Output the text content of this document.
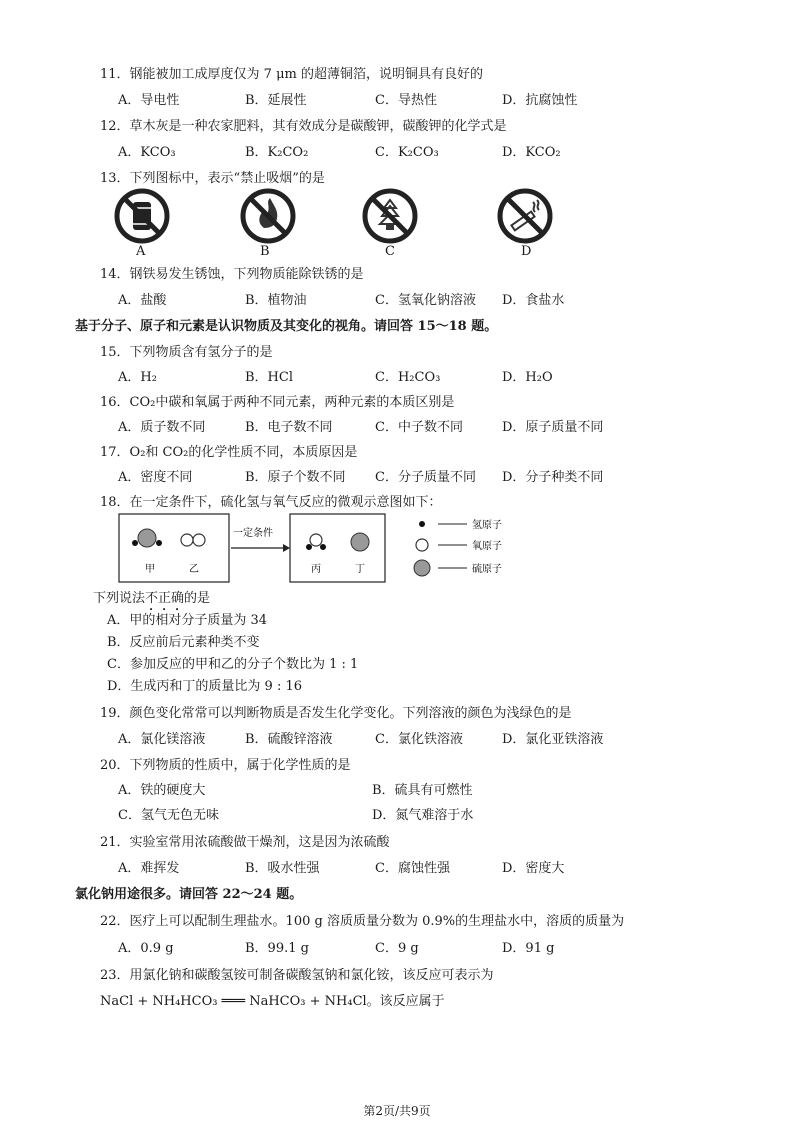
11．钢能被加工成厚度仅为 7 μm 的超薄铜箔，说明铜具有良好的
A．导电性	B．延展性	C．导热性	D．抗腐蚀性
12．草木灰是一种农家肥料，其有效成分是碳酸钾，碳酸钾的化学式是
A．KCO₃	B．K₂CO₂	C．K₂CO₃	D．KCO₂
13．下列图标中，表示“禁止吸烟”的是
A	B	C	D
14．钢铁易发生锈蚀，下列物质能除铁锈的是
A．盐酸	B．植物油	C．氢氧化钠溶液 D．食盐水
基于分子、原子和元素是认识物质及其变化的视角。请回答 15～18 题。
15．下列物质含有氢分子的是
A．H₂	B．HCl	C．H₂CO₃	D．H₂O
16．CO₂中碳和氧属于两种不同元素，两种元素的本质区别是
A．质子数不同	B．电子数不同	C．中子数不同	D．原子质量不同
17．O₂和 CO₂的化学性质不同，本质原因是
A．密度不同	B．原子个数不同 C．分子质量不同 D．分子种类不同
18．在一定条件下，硫化氢与氧气反应的微观示意图如下：
甲	乙
一定条件
丙	丁
氢原子
氧原子
硫原子
下列说法不正确的是
A．甲的相对分子质量为 34
B．反应前后元素种类不变
C．参加反应的甲和乙的分子个数比为 1 : 1
D．生成丙和丁的质量比为 9 : 16
19．颜色变化常常可以判断物质是否发生化学变化。下列溶液的颜色为浅绿色的是
A．氯化镁溶液	B．硫酸锌溶液	C．氯化铁溶液	D．氯化亚铁溶液
20．下列物质的性质中，属于化学性质的是
A．铁的硬度大	B．硫具有可燃性
C．氢气无色无味	D．氮气难溶于水
21．实验室常用浓硫酸做干燥剂，这是因为浓硫酸
A．难挥发	B．吸水性强	C．腐蚀性强	D．密度大
氯化钠用途很多。请回答 22～24 题。
22．医疗上可以配制生理盐水。100 g 溶质质量分数为 0.9%的生理盐水中，溶质的质量为
A．0.9 g	B．99.1 g	C．9 g	D．91 g
23．用氯化钠和碳酸氢铵可制备碳酸氢钠和氯化铵，该反应可表示为
NaCl + NH₄HCO₃ ═══ NaHCO₃ + NH₄Cl。该反应属于
第2页/共9页
